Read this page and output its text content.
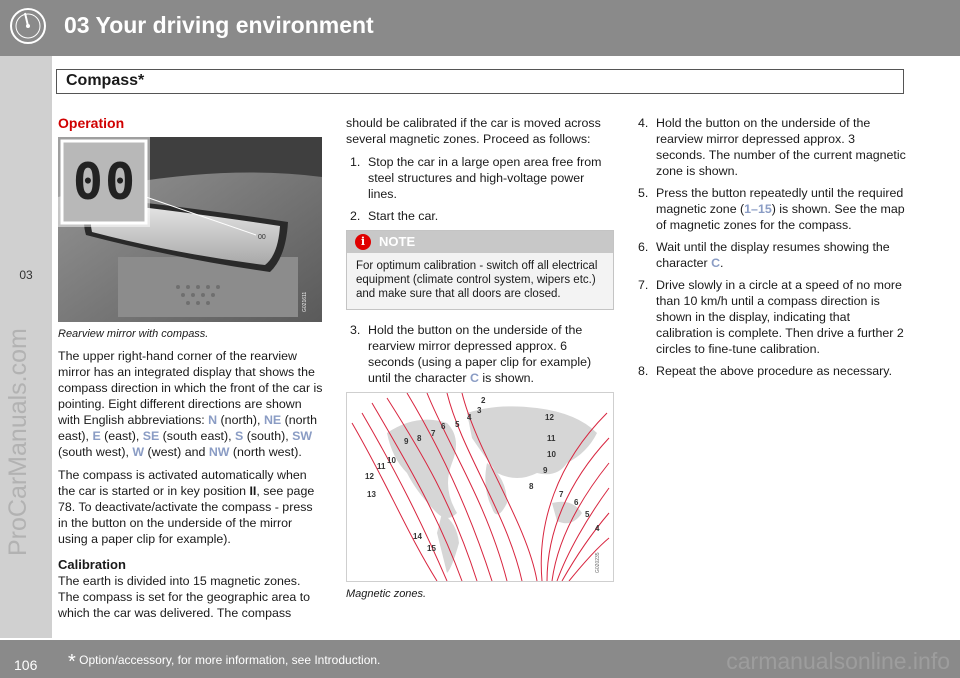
03 Your driving environment
03
ProCarManuals.com
Compass*
Operation
00
G021611
00
Rearview mirror with compass.

The upper right-hand corner of the rearview mirror has an integrated display that shows the compass direction in which the front of the car is pointing. Eight different directions are shown with English abbreviations: N (north), NE (north east), E (east), SE (south east), S (south), SW (south west), W (west) and NW (north west).

The compass is activated automatically when the car is started or in key position II, see page 78. To deactivate/activate the compass - press in the button on the underside of the mirror using a paper clip for example).

Calibration

The earth is divided into 15 magnetic zones. The compass is set for the geographic area to which the car was delivered. The compass

should be calibrated if the car is moved across several magnetic zones. Proceed as follows:

1. Stop the car in a large open area free from steel structures and high-voltage power lines.
2. Start the car.
i	NOTE
For optimum calibration - switch off all electrical equipment (climate control system, wipers etc.) and make sure that all doors are closed.
3. Hold the button on the underside of the rearview mirror depressed approx. 6 seconds (using a paper clip for example) until the character C is shown.
2
3
4
5
6
7
8
9
10
11
12
13
14
15
12
11
10
9
8
7
6
5
4
G020235
Magnetic zones.
4. Hold the button on the underside of the rearview mirror depressed approx. 3 seconds. The number of the current magnetic zone is shown.
5. Press the button repeatedly until the required magnetic zone (1–15) is shown. See the map of magnetic zones for the compass.
6. Wait until the display resumes showing the character C.
7. Drive slowly in a circle at a speed of no more than 10 km/h until a compass direction is shown in the display, indicating that calibration is complete. Then drive a further 2 circles to fine-tune calibration.
8. Repeat the above procedure as necessary.
106 * Option/accessory, for more information, see Introduction.	carmanualsonline.info
